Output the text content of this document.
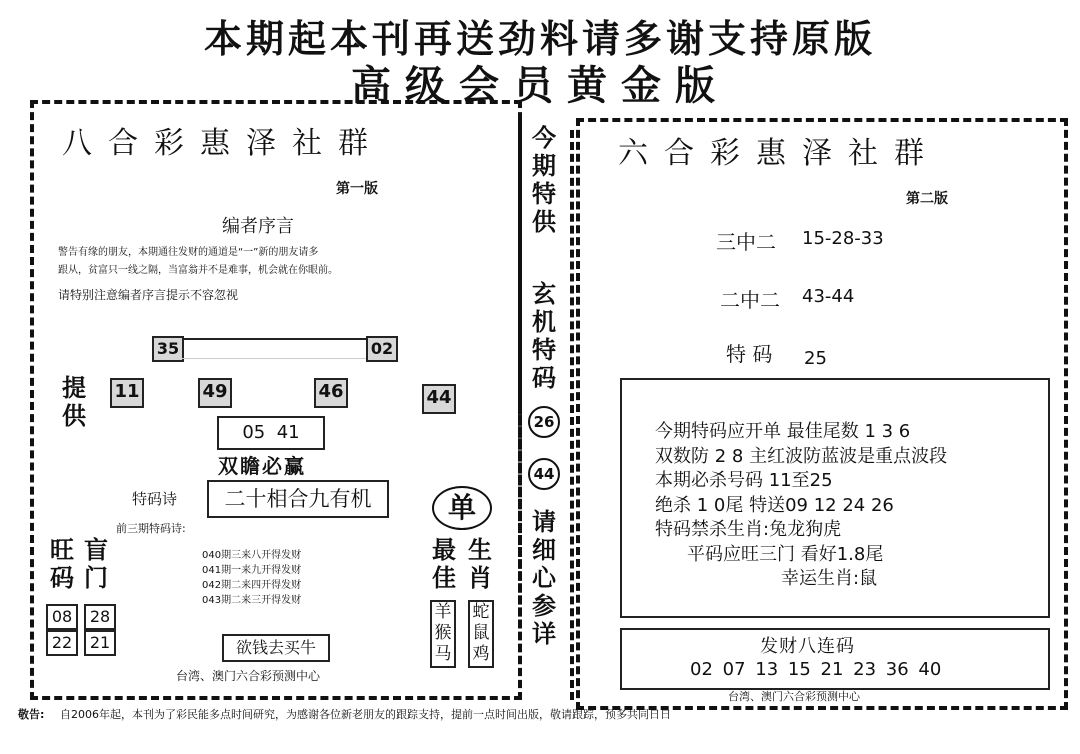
本期起本刊再送劲料请多谢支持原版
高级会员黄金版
八合彩惠泽社群
第一版
编者序言
警告有缘的朋友，本期通往发财的通道是“一”新的朋友请多
跟从，贫富只一线之隔，当富翁并不是难事，机会就在你眼前。
请特别注意编者序言提示不容忽视
35	02
提供
11	49	46	44
05  41
双瞻必赢
特码诗	二十相合九有机
前三期特码诗:
040期三来八开得发财
041期一来九开得发财
042期二来四开得发财
043期二来三开得发财
旺码
盲门
08
22
28
21
单
最佳
生肖
羊猴马
蛇鼠鸡
欲钱去买牛
台湾、澳门六合彩预测中心
今期特供
玄机特码
26
44
请细心参详
六合彩惠泽社群
第二版
三中二 15-28-33
二中二 43-44
特 码 25
今期特码应开单 最佳尾数 1 3 6
双数防 2 8 主红波防蓝波是重点波段
本期必杀号码 11至25
绝杀 1 0尾 特送09 12 24 26
特码禁杀生肖:兔龙狗虎
平码应旺三门 看好1.8尾
幸运生肖:鼠
发财八连码
02 07 13 15 21 23 36 40
台湾、澳门六合彩预测中心
敬告: 自2006年起，本刊为了彩民能多点时间研究，为感谢各位新老朋友的跟踪支持，提前一点时间出版，敬请跟踪，预多共同日日
